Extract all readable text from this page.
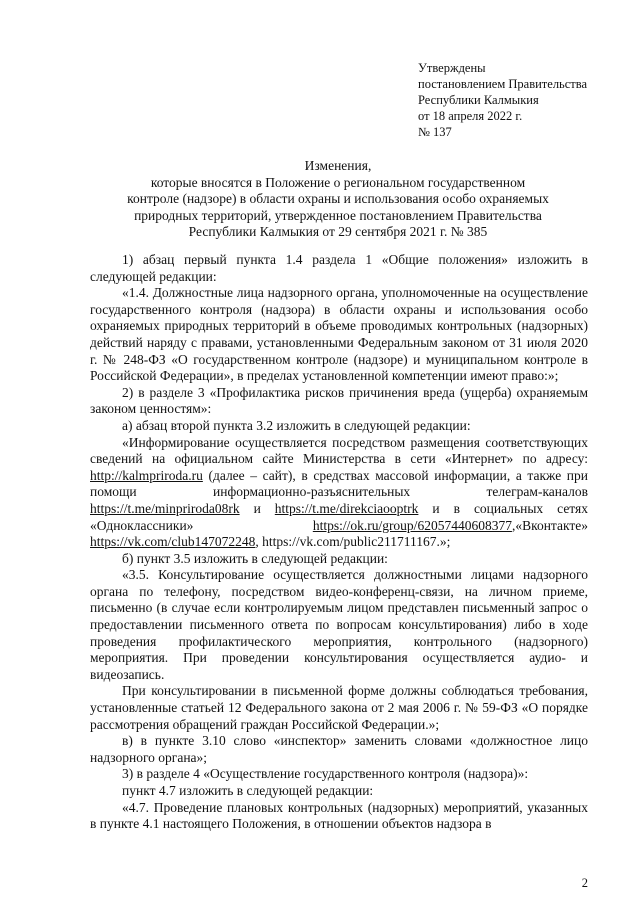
Утверждены
постановлением Правительства
Республики Калмыкия
от 18 апреля 2022 г.
№ 137
Изменения,
которые вносятся в Положение о региональном государственном
контроле (надзоре) в области охраны и использования особо охраняемых
природных территорий, утвержденное постановлением Правительства
Республики Калмыкия от 29 сентября 2021 г. № 385

1) абзац первый пункта 1.4 раздела 1 «Общие положения» изложить в следующей редакции:

«1.4. Должностные лица надзорного органа, уполномоченные на осуществление государственного контроля (надзора) в области охраны и использования особо охраняемых природных территорий в объеме проводимых контрольных (надзорных) действий наряду с правами, установленными Федеральным законом от 31 июля 2020 г. № 248-ФЗ «О государственном контроле (надзоре) и муниципальном контроле в Российской Федерации», в пределах установленной компетенции имеют право:»;

2) в разделе 3 «Профилактика рисков причинения вреда (ущерба) охраняемым законом ценностям»:

а) абзац второй пункта 3.2 изложить в следующей редакции:

«Информирование осуществляется посредством размещения соответствующих сведений на официальном сайте Министерства в сети «Интернет» по адресу: http://kalmpriroda.ru (далее – сайт), в средствах массовой информации, а также при помощи информационно-разъяснительных телеграм-каналов https://t.me/minpriroda08rk и https://t.me/direkciaooptrk и в социальных сетях «Одноклассники» https://ok.ru/group/62057440608377,«Вконтакте» https://vk.com/club147072248, https://vk.com/public211711167.»;

б) пункт 3.5 изложить в следующей редакции:

«3.5. Консультирование осуществляется должностными лицами надзорного органа по телефону, посредством видео-конференц-связи, на личном приеме, письменно (в случае если контролируемым лицом представлен письменный запрос о предоставлении письменного ответа по вопросам консультирования) либо в ходе проведения профилактического мероприятия, контрольного (надзорного) мероприятия. При проведении консультирования осуществляется аудио- и видеозапись.

При консультировании в письменной форме должны соблюдаться требования, установленные статьей 12 Федерального закона от 2 мая 2006 г. № 59-ФЗ «О порядке рассмотрения обращений граждан Российской Федерации.»;

в) в пункте 3.10 слово «инспектор» заменить словами «должностное лицо надзорного органа»;

3) в разделе 4 «Осуществление государственного контроля (надзора)»:

пункт 4.7 изложить в следующей редакции:

«4.7. Проведение плановых контрольных (надзорных) мероприятий, указанных в пункте 4.1 настоящего Положения, в отношении объектов надзора в

2
